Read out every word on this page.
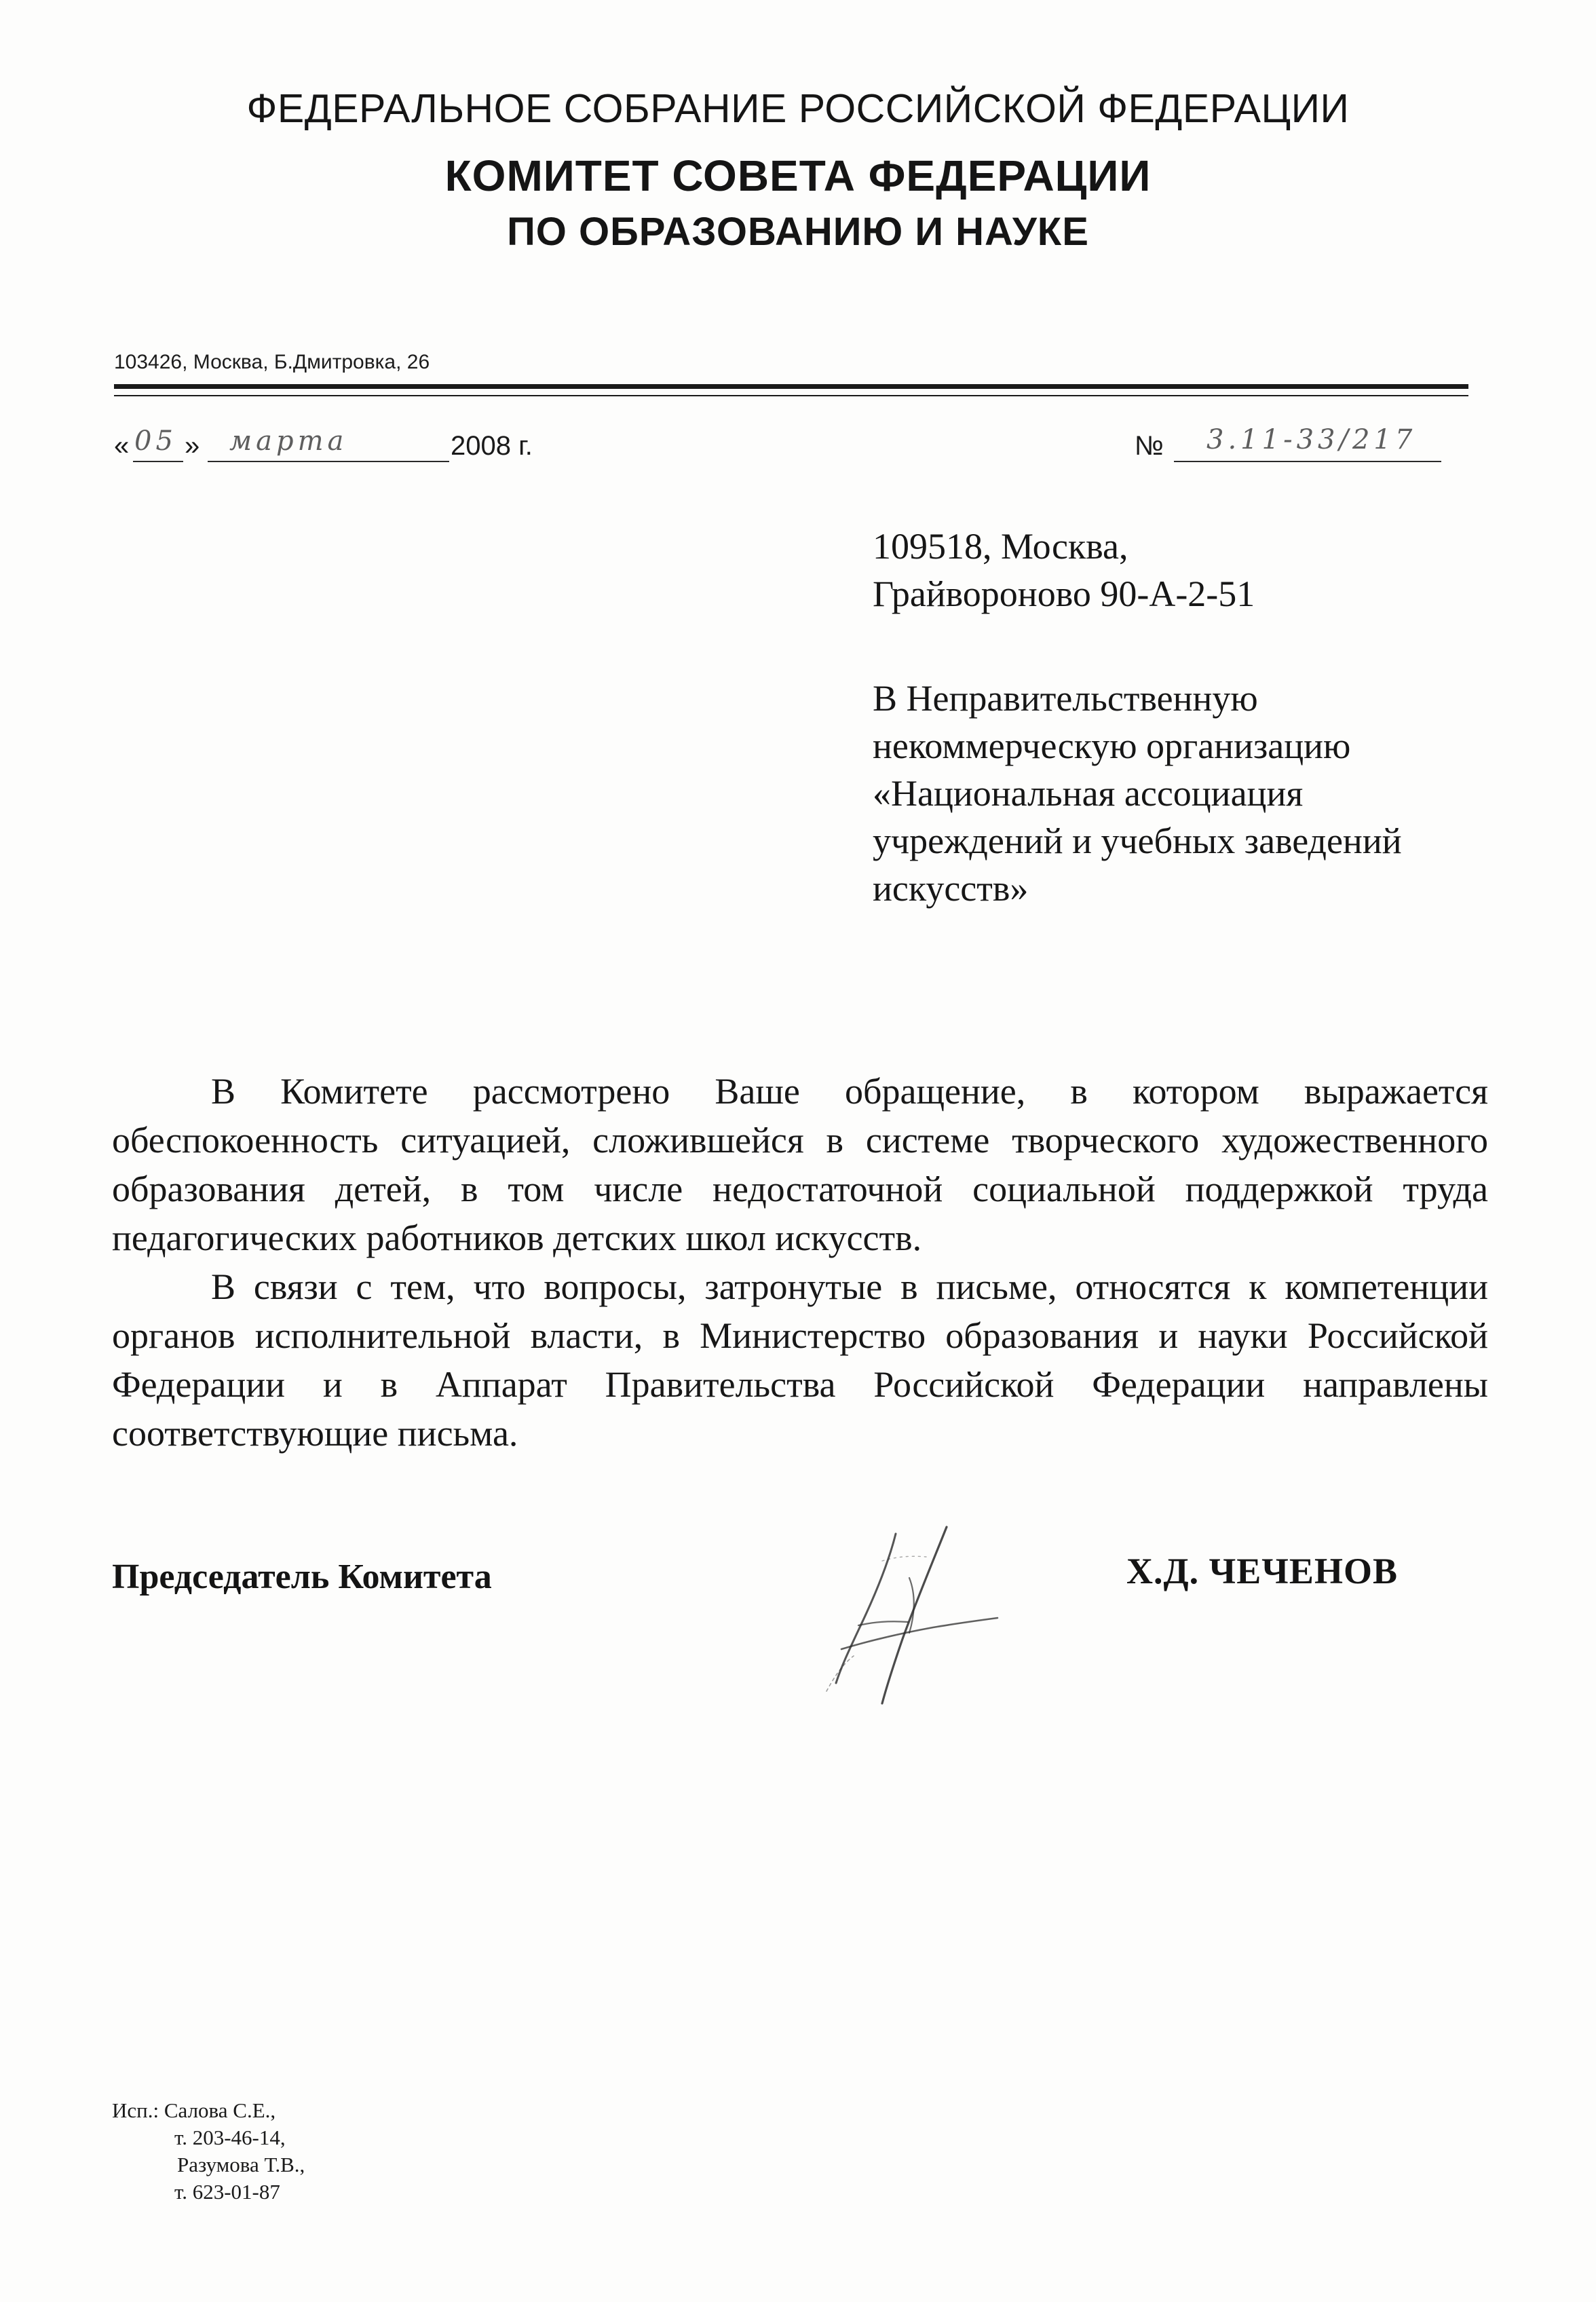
ФЕДЕРАЛЬНОЕ СОБРАНИЕ РОССИЙСКОЙ ФЕДЕРАЦИИ
КОМИТЕТ СОВЕТА ФЕДЕРАЦИИ
ПО ОБРАЗОВАНИЮ И НАУКЕ
103426, Москва, Б.Дмитровка, 26
« 05 » марта	2008 г.	№ 3.11-33/217
109518, Москва,
Грайвороново 90-А-2-51
В Неправительственную
некоммерческую организацию
«Национальная ассоциация
учреждений и учебных заведений
искусств»
В Комитете рассмотрено Ваше обращение, в котором выражается обеспокоенность ситуацией, сложившейся в системе творческого художественного образования детей, в том числе недостаточной социальной поддержкой труда педагогических работников детских школ искусств.
В связи с тем, что вопросы, затронутые в письме, относятся к компетенции органов исполнительной власти, в Министерство образования и науки Российской Федерации и в Аппарат Правительства Российской Федерации направлены соответствующие письма.
Председатель Комитета	Х.Д. ЧЕЧЕНОВ
Исп.: Салова С.Е.,
т. 203-46-14,
Разумова Т.В.,
т. 623-01-87
